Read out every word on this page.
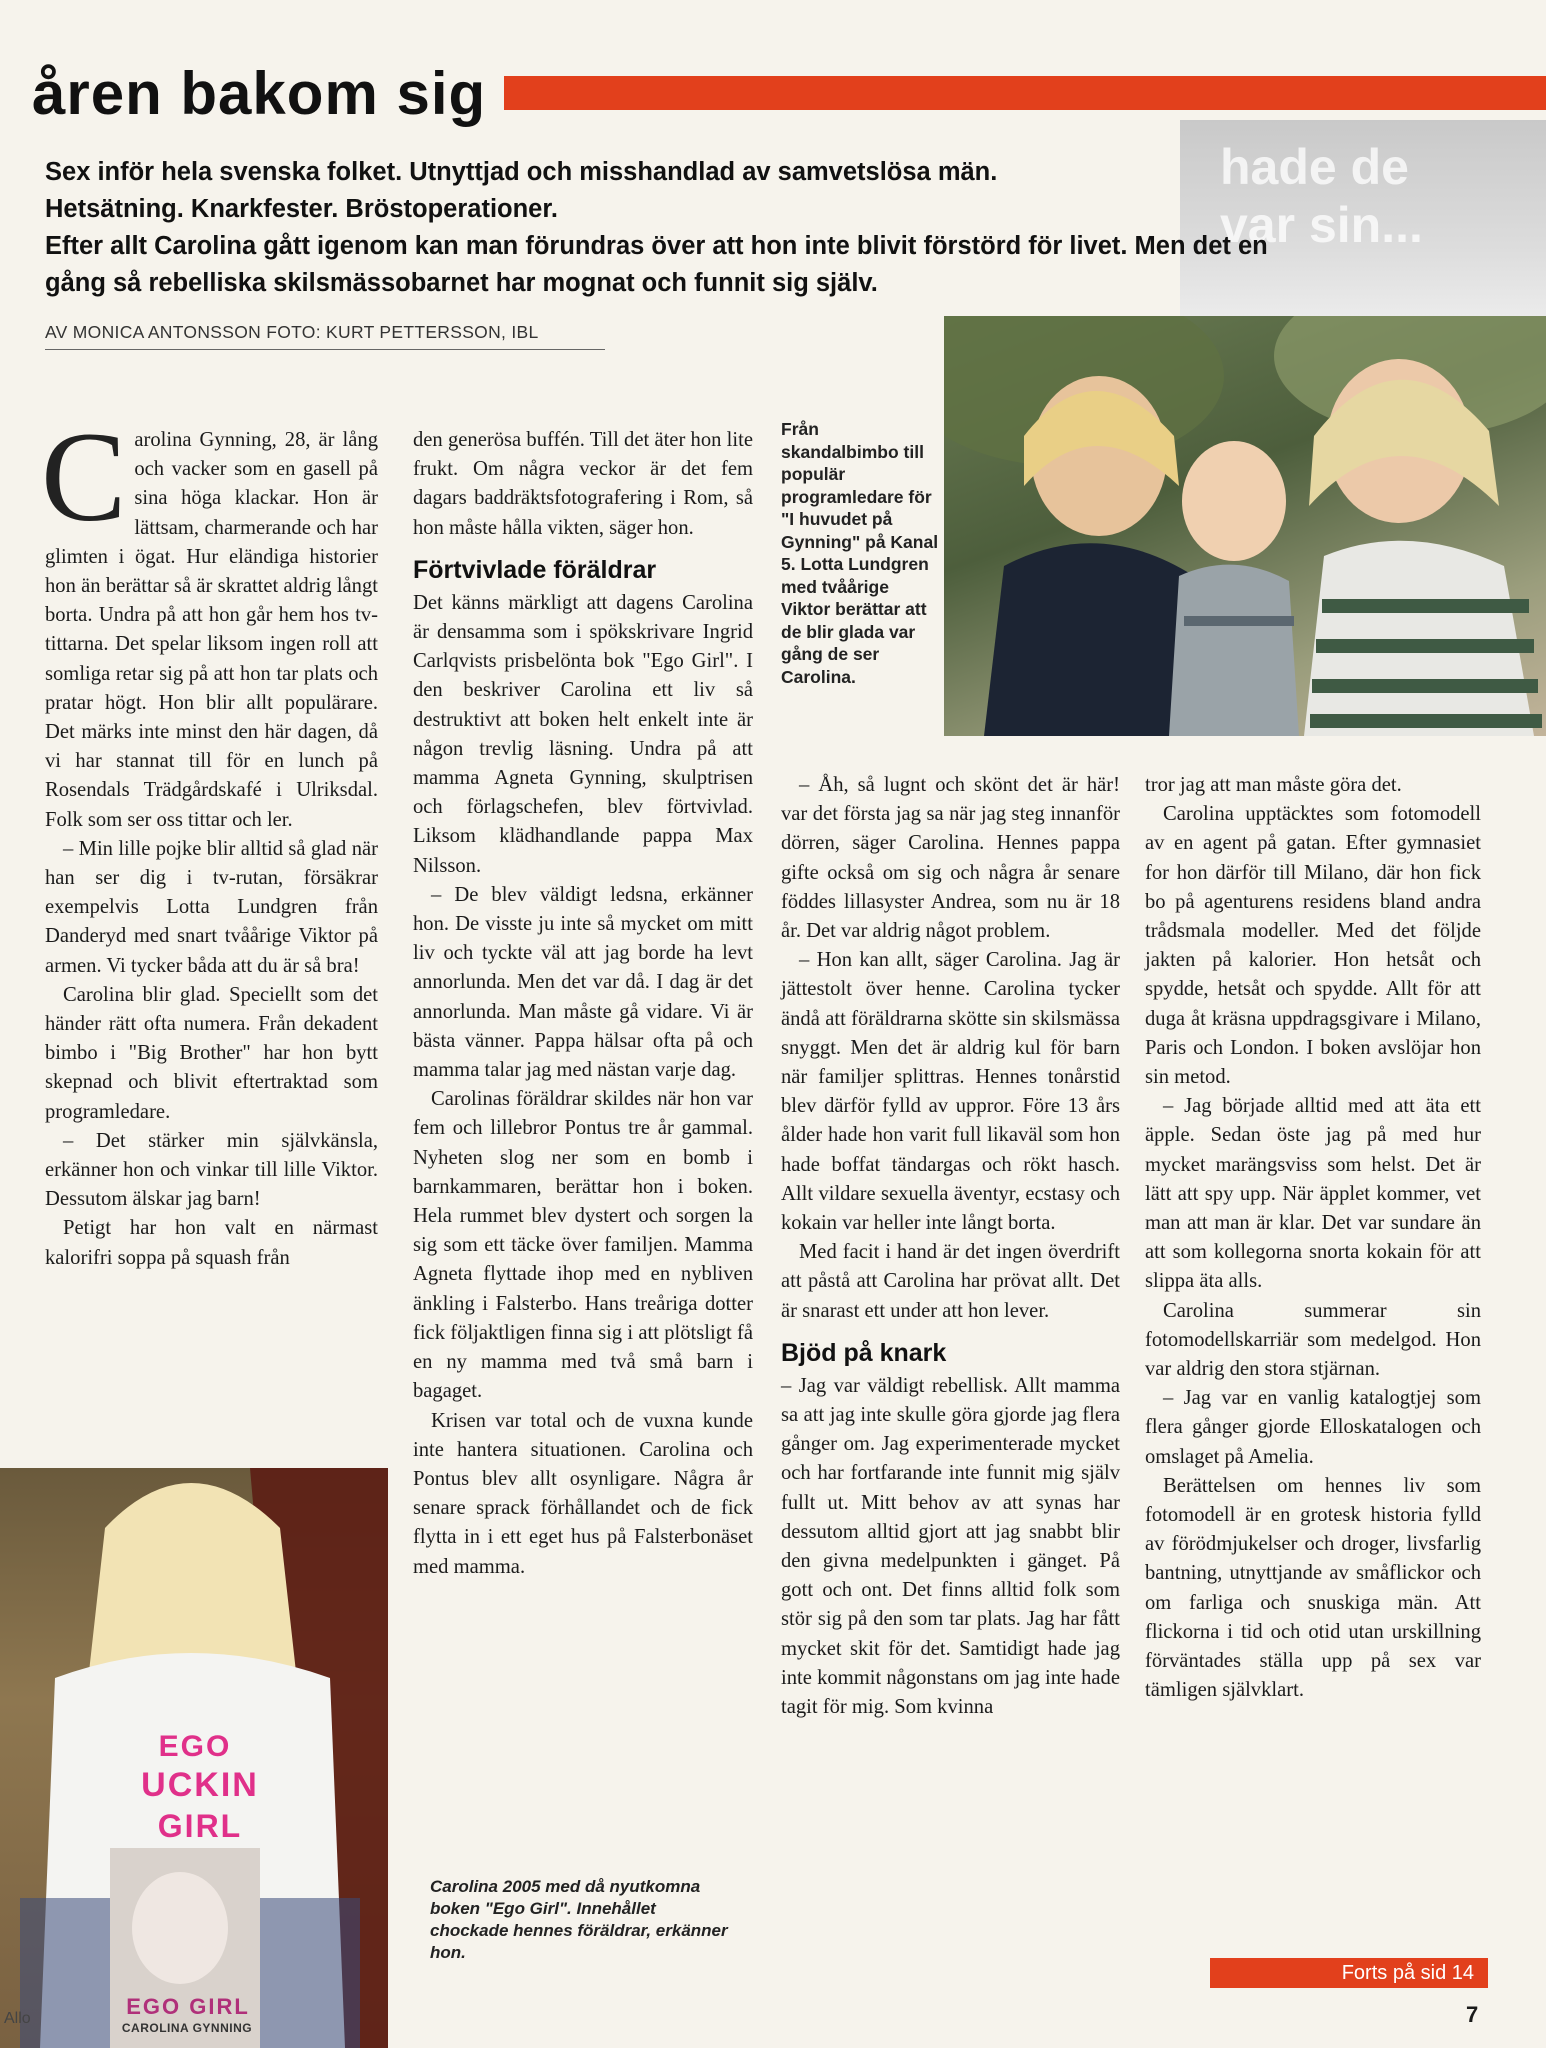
åren bakom sig
hade de
var sin...

Sex inför hela svenska folket. Utnyttjad och misshandlad av samvetslösa män.

Hetsätning. Knarkfester. Bröstoperationer.

Efter allt Carolina gått igenom kan man förundras över att hon inte blivit förstörd för livet. Men det en gång så rebelliska skilsmässobarnet har mognat och funnit sig själv.

AV MONICA ANTONSSON FOTO: KURT PETTERSSON, IBL
Från skandalbimbo till populär programledare för "I huvudet på Gynning" på Kanal 5. Lotta Lundgren med tvåårige Viktor berättar att de blir glada var gång de ser Carolina.

Carolina Gynning, 28, är lång och vacker som en gasell på sina höga klackar. Hon är lättsam, charmerande och har glimten i ögat. Hur eländiga historier hon än berättar så är skrattet aldrig långt borta. Undra på att hon går hem hos tv-tittarna. Det spelar liksom ingen roll att somliga retar sig på att hon tar plats och pratar högt. Hon blir allt populärare. Det märks inte minst den här dagen, då vi har stannat till för en lunch på Rosendals Trädgårdskafé i Ulriksdal. Folk som ser oss tittar och ler.

– Min lille pojke blir alltid så glad när han ser dig i tv-rutan, försäkrar exempelvis Lotta Lundgren från Danderyd med snart tvåårige Viktor på armen. Vi tycker båda att du är så bra!

Carolina blir glad. Speciellt som det händer rätt ofta numera. Från dekadent bimbo i "Big Brother" har hon bytt skepnad och blivit eftertraktad som programledare.

– Det stärker min självkänsla, erkänner hon och vinkar till lille Viktor. Dessutom älskar jag barn!

Petigt har hon valt en närmast kalorifri soppa på squash från

EGO
UCKIN
GIRL
EGO GIRL
CAROLINA GYNNING

den generösa buffén. Till det äter hon lite frukt. Om några veckor är det fem dagars baddräktsfotografering i Rom, så hon måste hålla vikten, säger hon.

Förtvivlade föräldrar

Det känns märkligt att dagens Carolina är densamma som i spökskrivare Ingrid Carlqvists prisbelönta bok "Ego Girl". I den beskriver Carolina ett liv så destruktivt att boken helt enkelt inte är någon trevlig läsning. Undra på att mamma Agneta Gynning, skulptrisen och förlagschefen, blev förtvivlad. Liksom klädhandlande pappa Max Nilsson.

– De blev väldigt ledsna, erkänner hon. De visste ju inte så mycket om mitt liv och tyckte väl att jag borde ha levt annorlunda. Men det var då. I dag är det annorlunda. Man måste gå vidare. Vi är bästa vänner. Pappa hälsar ofta på och mamma talar jag med nästan varje dag.

Carolinas föräldrar skildes när hon var fem och lillebror Pontus tre år gammal. Nyheten slog ner som en bomb i barnkammaren, berättar hon i boken. Hela rummet blev dystert och sorgen la sig som ett täcke över familjen. Mamma Agneta flyttade ihop med en nybliven änkling i Falsterbo. Hans treåriga dotter fick följaktligen finna sig i att plötsligt få en ny mamma med två små barn i bagaget.

Krisen var total och de vuxna kunde inte hantera situationen. Carolina och Pontus blev allt osynligare. Några år senare sprack förhållandet och de fick flytta in i ett eget hus på Falsterbonäset med mamma.

Carolina 2005 med då nyutkomna boken "Ego Girl". Innehållet chockade hennes föräldrar, erkänner hon.

– Åh, så lugnt och skönt det är här! var det första jag sa när jag steg innanför dörren, säger Carolina. Hennes pappa gifte också om sig och några år senare föddes lillasyster Andrea, som nu är 18 år. Det var aldrig något problem.

– Hon kan allt, säger Carolina. Jag är jättestolt över henne. Carolina tycker ändå att föräldrarna skötte sin skilsmässa snyggt. Men det är aldrig kul för barn när familjer splittras. Hennes tonårstid blev därför fylld av uppror. Före 13 års ålder hade hon varit full likaväl som hon hade boffat tändargas och rökt hasch. Allt vildare sexuella äventyr, ecstasy och kokain var heller inte långt borta.

Med facit i hand är det ingen överdrift att påstå att Carolina har prövat allt. Det är snarast ett under att hon lever.

Bjöd på knark

– Jag var väldigt rebellisk. Allt mamma sa att jag inte skulle göra gjorde jag flera gånger om. Jag experimenterade mycket och har fortfarande inte funnit mig själv fullt ut. Mitt behov av att synas har dessutom alltid gjort att jag snabbt blir den givna medelpunkten i gänget. På gott och ont. Det finns alltid folk som stör sig på den som tar plats. Jag har fått mycket skit för det. Samtidigt hade jag inte kommit någonstans om jag inte hade tagit för mig. Som kvinna

tror jag att man måste göra det.

Carolina upptäcktes som fotomodell av en agent på gatan. Efter gymnasiet for hon därför till Milano, där hon fick bo på agenturens residens bland andra trådsmala modeller. Med det följde jakten på kalorier. Hon hetsåt och spydde, hetsåt och spydde. Allt för att duga åt kräsna uppdragsgivare i Milano, Paris och London. I boken avslöjar hon sin metod.

– Jag började alltid med att äta ett äpple. Sedan öste jag på med hur mycket marängsviss som helst. Det är lätt att spy upp. När äpplet kommer, vet man att man är klar. Det var sundare än att som kollegorna snorta kokain för att slippa äta alls.

Carolina summerar sin fotomodellskarriär som medelgod. Hon var aldrig den stora stjärnan.

– Jag var en vanlig katalogtjej som flera gånger gjorde Elloskatalogen och omslaget på Amelia.

Berättelsen om hennes liv som fotomodell är en grotesk historia fylld av förödmjukelser och droger, livsfarlig bantning, utnyttjande av småflickor och om farliga och snuskiga män. Att flickorna i tid och otid utan urskillning förväntades ställa upp på sex var tämligen självklart.

Forts på sid 14
7
Allo
